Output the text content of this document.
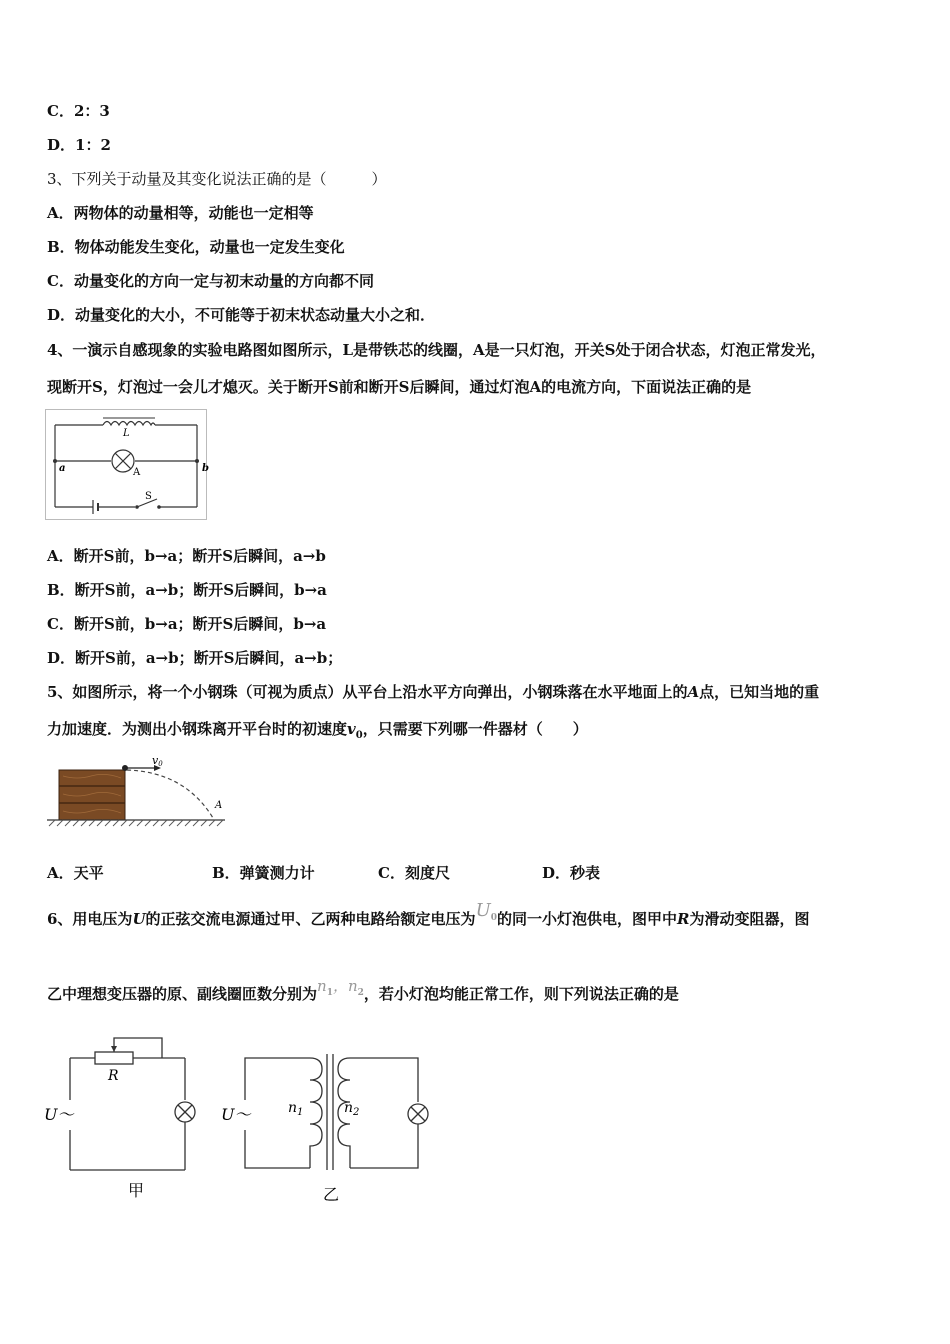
C．2：3
D．1：2
3、下列关于动量及其变化说法正确的是（　　　）
A．两物体的动量相等，动能也一定相等
B．物体动能发生变化，动量也一定发生变化
C．动量变化的方向一定与初末动量的方向都不同
D．动量变化的大小，不可能等于初末状态动量大小之和．
4、一演示自感现象的实验电路图如图所示，L是带铁芯的线圈，A是一只灯泡，开关S处于闭合状态，灯泡正常发光，
现断开S，灯泡过一会儿才熄灭。关于断开S前和断开S后瞬间，通过灯泡A的电流方向，下面说法正确的是
L
A
a	b
S
A．断开S前，b→a；断开S后瞬间，a→b
B．断开S前，a→b；断开S后瞬间，b→a
C．断开S前，b→a；断开S后瞬间，b→a
D．断开S前，a→b；断开S后瞬间，a→b；
5、如图所示，将一个小钢珠（可视为质点）从平台上沿水平方向弹出，小钢珠落在水平地面上的A点，已知当地的重
力加速度．为测出小钢珠离开平台时的初速度$v_0$，只需要下列哪一件器材（　　）
v0
A
A．天平	B．弹簧测力计	C．刻度尺	D．秒表
6、用电压为U的正弦交流电源通过甲、乙两种电路给额定电压为$U^0$的同一小灯泡供电，图甲中R为滑动变阻器，图
乙中理想变压器的原、副线圈匝数分别为$n^1$，$n^2$，若小灯泡均能正常工作，则下列说法正确的是
R
U～
甲
U～	$n_1$	$n_2$
乙
